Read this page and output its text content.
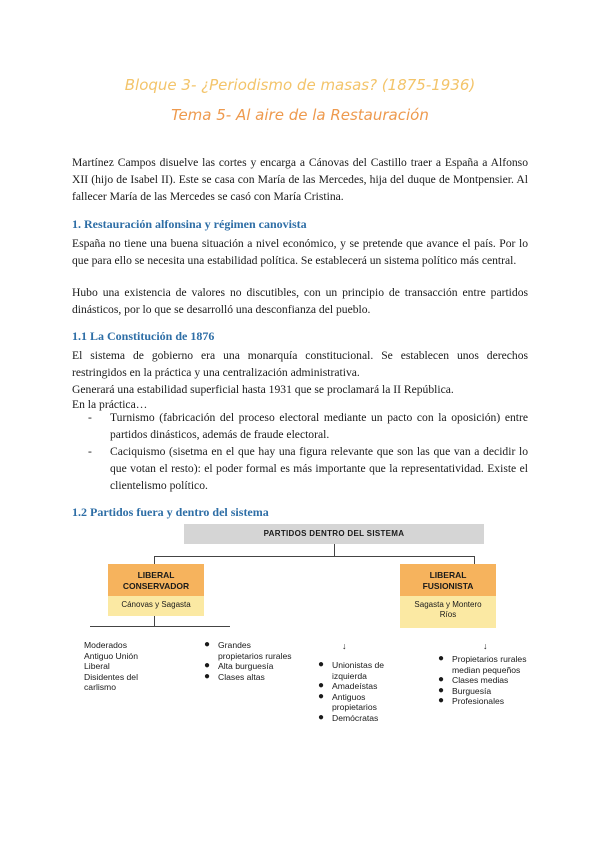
Bloque 3- ¿Periodismo de masas? (1875-1936)
Tema 5- Al aire de la Restauración

Martínez Campos disuelve las cortes y encarga a Cánovas del Castillo traer a España a Alfonso XII (hijo de Isabel II). Este se casa con María de las Mercedes, hija del duque de Montpensier. Al fallecer María de las Mercedes se casó con María Cristina.

1. Restauración alfonsina y régimen canovista

España no tiene una buena situación a nivel económico, y se pretende que avance el país. Por lo que para ello se necesita una estabilidad política. Se establecerá un sistema político más central.

Hubo una existencia de valores no discutibles, con un principio de transacción entre partidos dinásticos, por lo que se desarrolló una desconfianza del pueblo.

1.1 La Constitución de 1876

El sistema de gobierno era una monarquía constitucional. Se establecen unos derechos restringidos en la práctica y una centralización administrativa.

Generará una estabilidad superficial hasta 1931 que se proclamará la II República.

En la práctica…

- Turnismo (fabricación del proceso electoral mediante un pacto con la oposición) entre partidos dinásticos, además de fraude electoral.
- Caciquismo (sisetma en el que hay una figura relevante que son las que van a decidir lo que votan el resto): el poder formal es más importante que la representatividad. Existe el clientelismo político.

1.2 Partidos fuera y dentro del sistema

PARTIDOS DENTRO DEL SISTEMA
LIBERAL
CONSERVADOR
Cánovas y Sagasta
Moderados
Antiguo Unión
Liberal
Disidentes del
carlismo
● Grandes propietarios rurales
● Alta burguesía
● Clases altas
LIBERAL
FUSIONISTA
Sagasta y Montero
Ríos
↓	↓
● Unionistas de izquierda
● Amadeístas
● Antiguos propietarios
● Demócratas
● Propietarios rurales median pequeños
● Clases medias
● Burguesía
● Profesionales
